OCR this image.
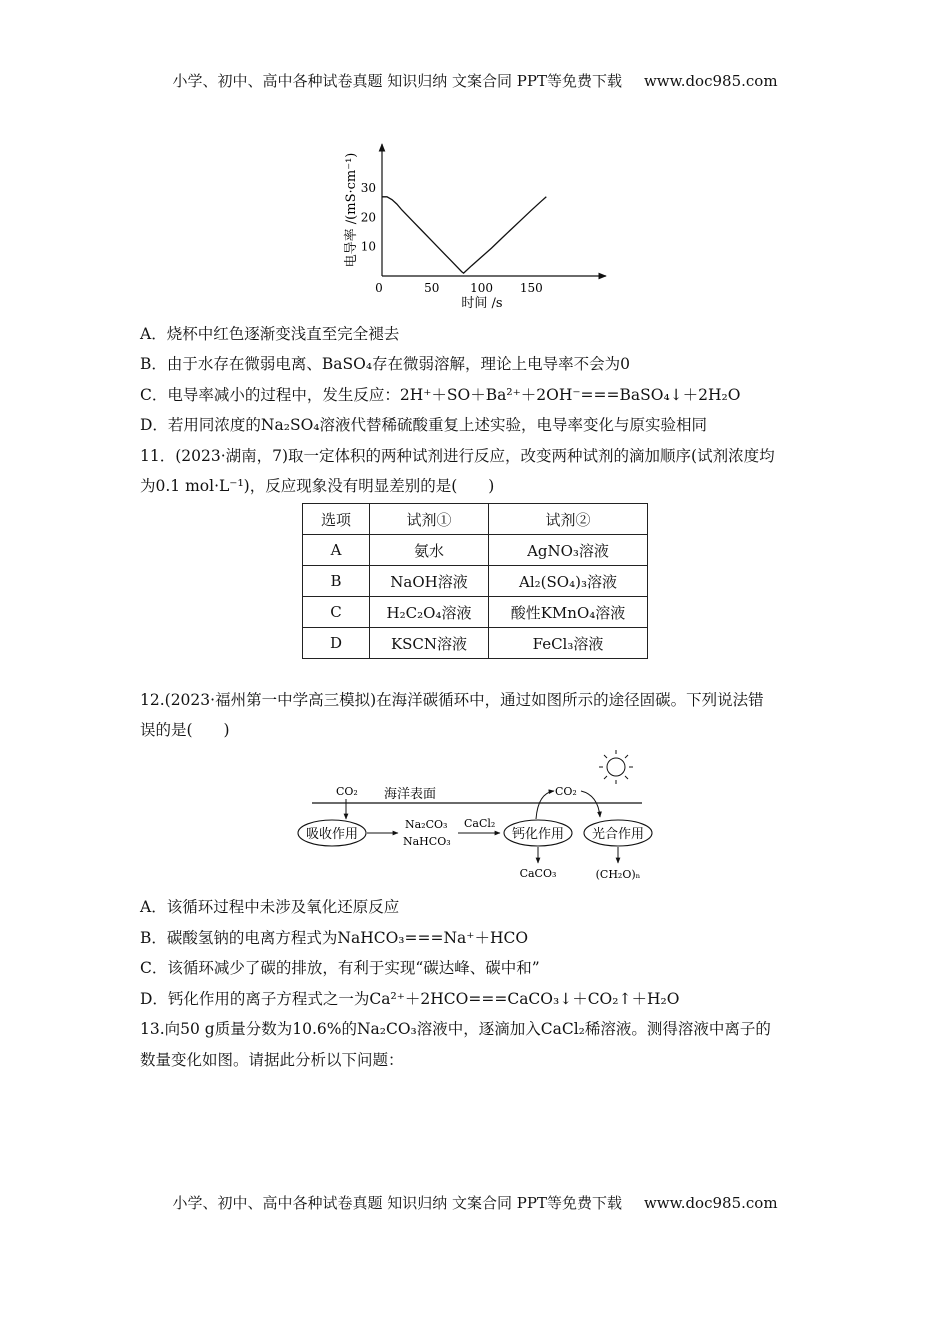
小学、初中、高中各种试卷真题 知识归纳 文案合同 PPT等免费下载 www.doc985.com
0	50	100 150
10
20
30
电导率 /(mS·cm⁻¹)
时间 /s
A．烧杯中红色逐渐变浅直至完全褪去
B．由于水存在微弱电离、BaSO₄存在微弱溶解，理论上电导率不会为0
C．电导率减小的过程中，发生反应：2H⁺＋SO＋Ba²⁺＋2OH⁻===BaSO₄↓＋2H₂O
D．若用同浓度的Na₂SO₄溶液代替稀硫酸重复上述实验，电导率变化与原实验相同
11．(2023·湖南，7)取一定体积的两种试剂进行反应，改变两种试剂的滴加顺序(试剂浓度均
为0.1 mol·L⁻¹)，反应现象没有明显差别的是(　　)
选项	试剂①	试剂②
A	氨水	AgNO₃溶液
B	NaOH溶液	Al₂(SO₄)₃溶液
C	H₂C₂O₄溶液	酸性KMnO₄溶液
D	KSCN溶液	FeCl₃溶液
12.(2023·福州第一中学高三模拟)在海洋碳循环中，通过如图所示的途径固碳。下列说法错
误的是(　　)
海洋表面
CO₂
吸收作用
Na₂CO₃
NaHCO₃
CaCl₂
钙化作用
CO₂
光合作用
CaCO₃	(CH₂O)ₙ
A．该循环过程中未涉及氧化还原反应
B．碳酸氢钠的电离方程式为NaHCO₃===Na⁺＋HCO
C．该循环减少了碳的排放，有利于实现“碳达峰、碳中和”
D．钙化作用的离子方程式之一为Ca²⁺＋2HCO===CaCO₃↓＋CO₂↑＋H₂O
13.向50 g质量分数为10.6%的Na₂CO₃溶液中，逐滴加入CaCl₂稀溶液。测得溶液中离子的
数量变化如图。请据此分析以下问题：
小学、初中、高中各种试卷真题 知识归纳 文案合同 PPT等免费下载 www.doc985.com
